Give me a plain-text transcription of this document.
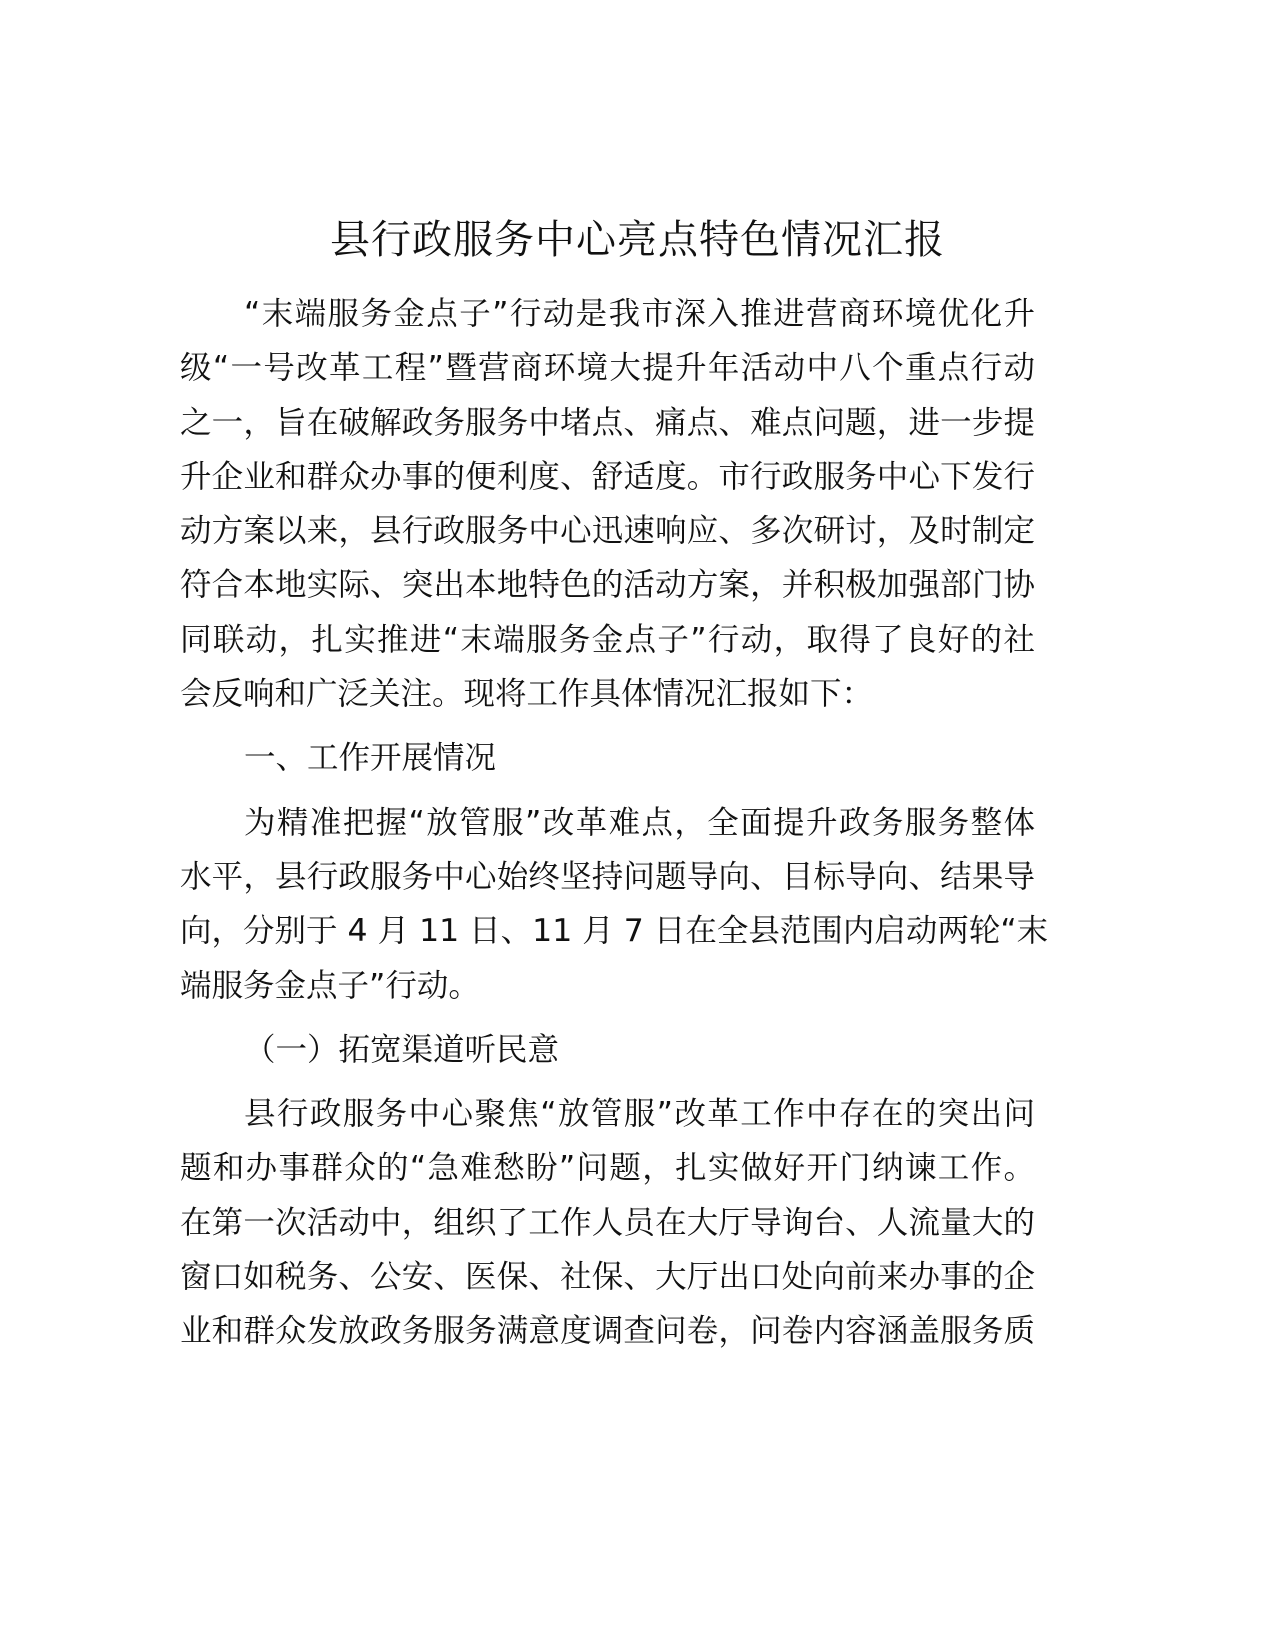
县行政服务中心亮点特色情况汇报
“末端服务金点子”行动是我市深入推进营商环境优化升
级“一号改革工程”暨营商环境大提升年活动中八个重点行动
之一，旨在破解政务服务中堵点、痛点、难点问题，进一步提
升企业和群众办事的便利度、舒适度。市行政服务中心下发行
动方案以来，县行政服务中心迅速响应、多次研讨，及时制定
符合本地实际、突出本地特色的活动方案，并积极加强部门协
同联动，扎实推进“末端服务金点子”行动，取得了良好的社
会反响和广泛关注。现将工作具体情况汇报如下：
一、工作开展情况
为精准把握“放管服”改革难点，全面提升政务服务整体
水平，县行政服务中心始终坚持问题导向、目标导向、结果导
向，分别于 4 月 11 日、11 月 7 日在全县范围内启动两轮“末
端服务金点子”行动。
（一）拓宽渠道听民意
县行政服务中心聚焦“放管服”改革工作中存在的突出问
题和办事群众的“急难愁盼”问题，扎实做好开门纳谏工作。
在第一次活动中，组织了工作人员在大厅导询台、人流量大的
窗口如税务、公安、医保、社保、大厅出口处向前来办事的企
业和群众发放政务服务满意度调查问卷，问卷内容涵盖服务质
